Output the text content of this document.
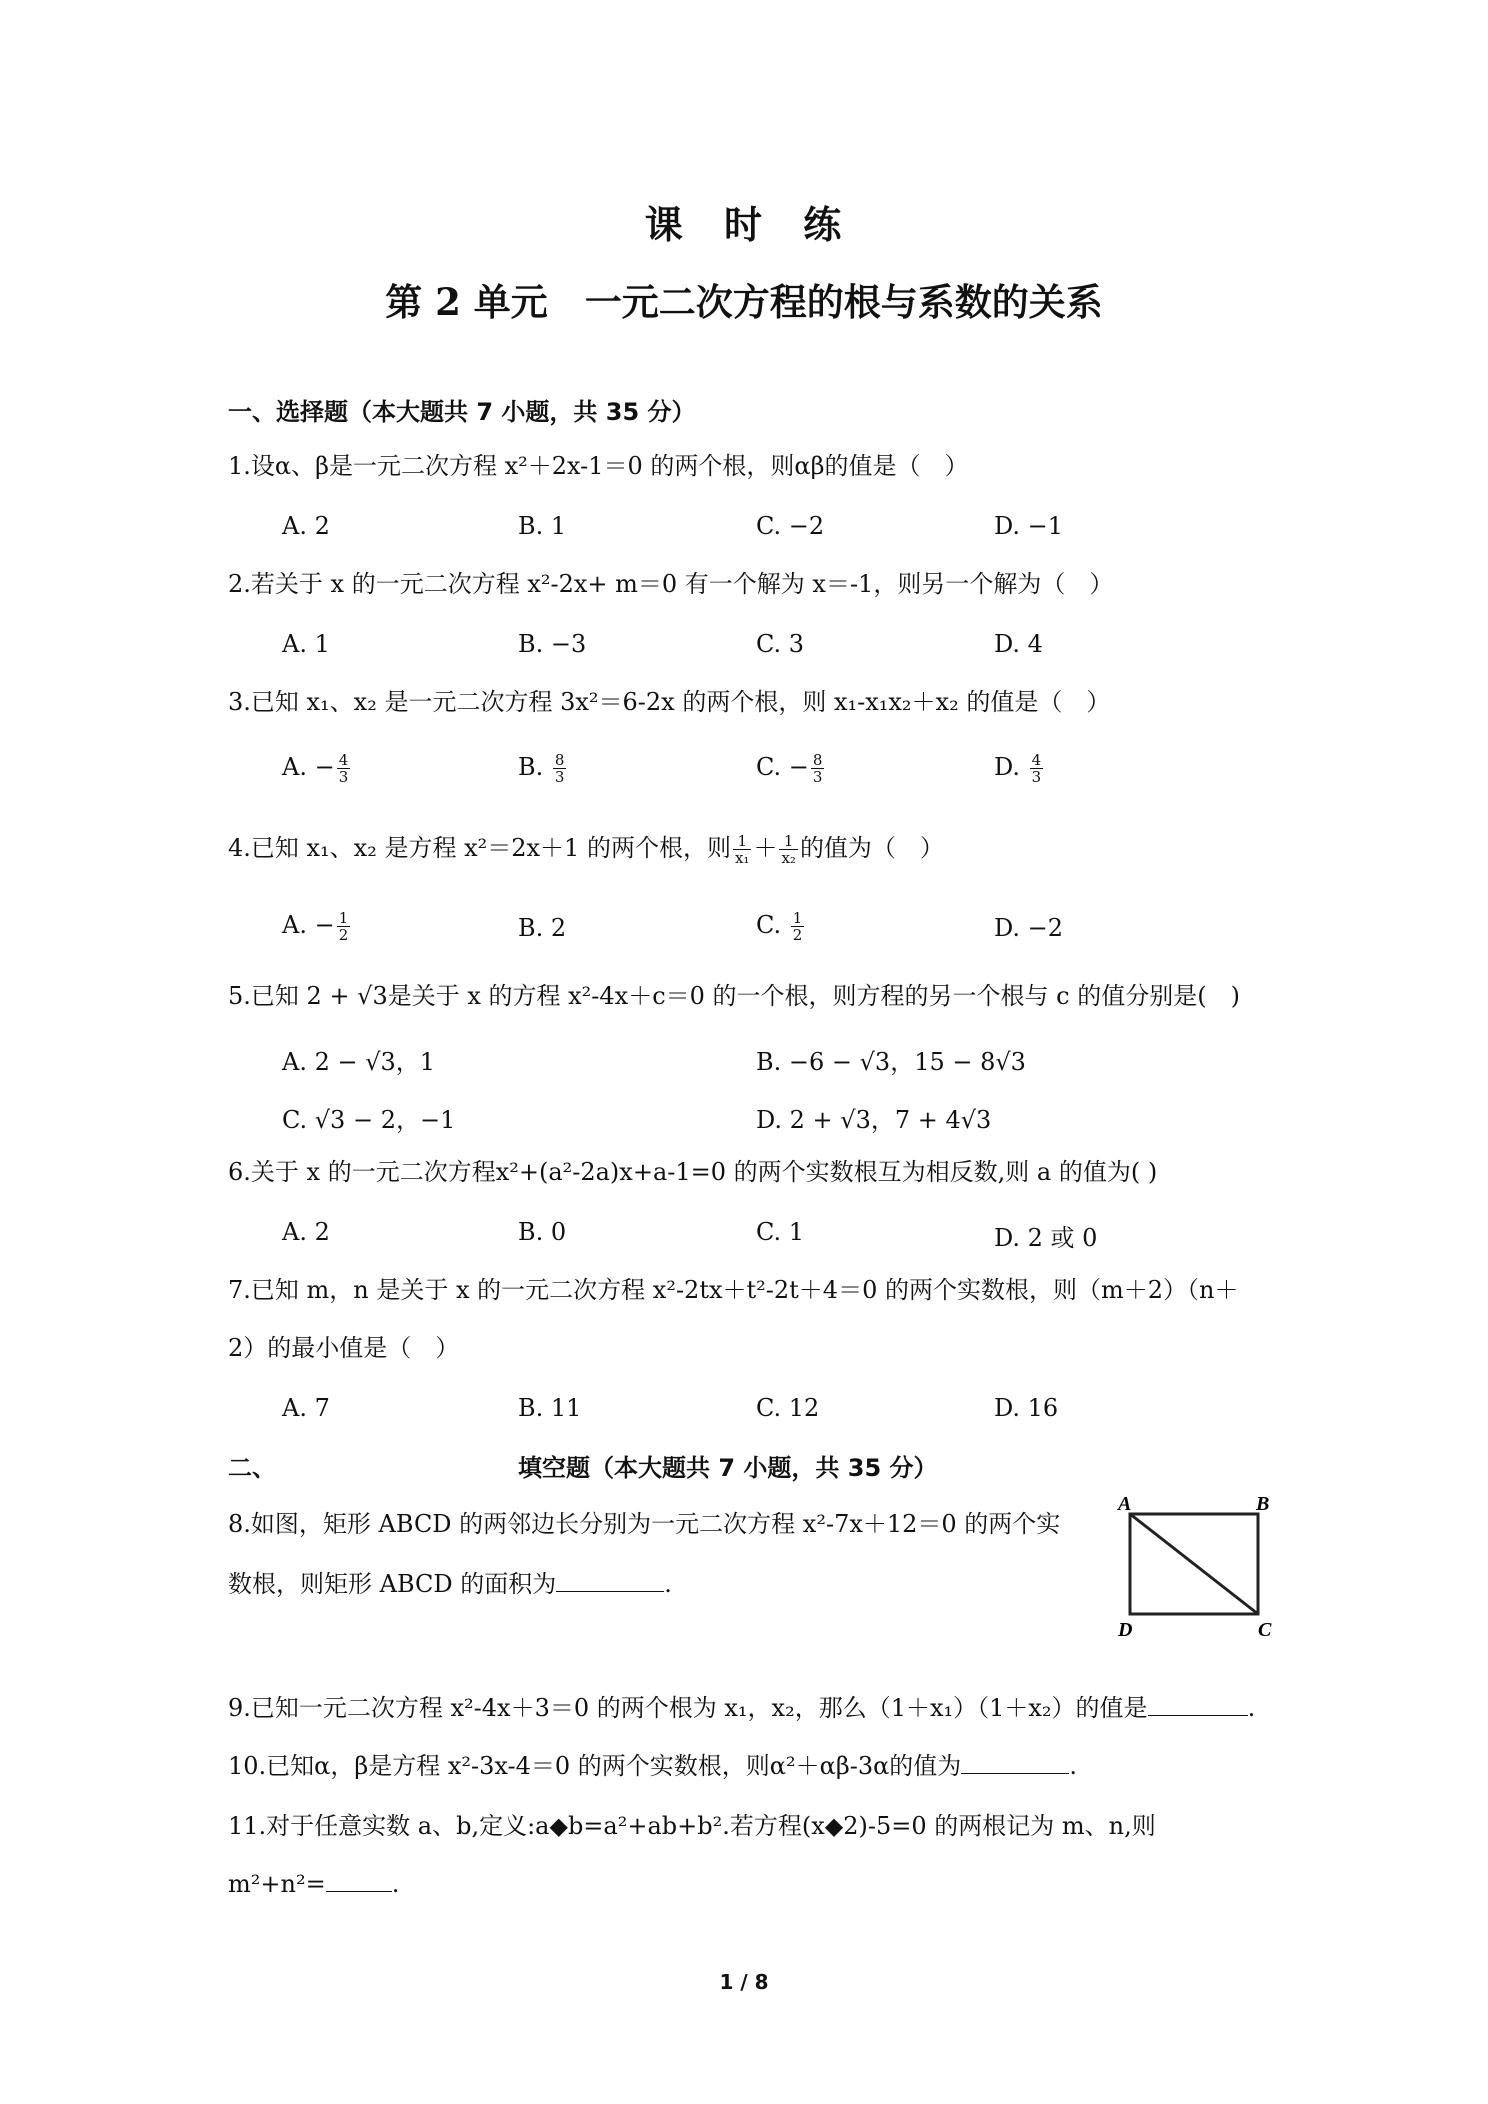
课 时 练
第 2 单元　一元二次方程的根与系数的关系
一、选择题（本大题共 7 小题，共 35 分）
1.设α、β是一元二次方程 x²＋2x-1＝0 的两个根，则αβ的值是（　）
A. 2	B. 1	C. −2	D. −1
2.若关于 x 的一元二次方程 x²-2x+ m＝0 有一个解为 x＝-1，则另一个解为（　）
A. 1	B. −3	C. 3	D. 4
3.已知 x₁、x₂ 是一元二次方程 3x²＝6-2x 的两个根，则 x₁-x₁x₂＋x₂ 的值是（　）
A. − $\frac{4}{3}$	B. $\frac{8}{3}$	C. − $\frac{8}{3}$	D. $\frac{4}{3}$
4.已知 x₁、x₂ 是方程 x²＝2x＋1 的两个根，则 $\frac{1}{\text{x₁}} + \frac{1}{\text{x₂}}$ 的值为（　）
A. − $\frac{1}{2}$	B. 2	C. $\frac{1}{2}$	D. −2
5.已知 2 + √3是关于 x 的方程 x²-4x＋c＝0 的一个根，则方程的另一个根与 c 的值分别是(　)
A. 2 − √3，1	B. −6 − √3，15 − 8√3
C. √3 − 2，−1	D. 2 + √3，7 + 4√3
6.关于 x 的一元二次方程x²+(a²-2a)x+a-1=0 的两个实数根互为相反数,则 a 的值为( )
A. 2	B. 0	C. 1	D. 2 或 0
7.已知 m，n 是关于 x 的一元二次方程 x²-2tx＋t²-2t＋4＝0 的两个实数根，则（m＋2）（n＋
2）的最小值是（　）
A. 7	B. 11	C. 12	D. 16
二、	填空题（本大题共 7 小题，共 35 分）
8.如图，矩形 ABCD 的两邻边长分别为一元二次方程 x²-7x＋12＝0 的两个实
数根，则矩形 ABCD 的面积为	.
A	B
C
D
9.已知一元二次方程 x²-4x＋3＝0 的两个根为 x₁，x₂，那么（1＋x₁）（1＋x₂）的值是	.
10.已知α，β是方程 x²-3x-4＝0 的两个实数根，则α²＋αβ-3α的值为	.
11.对于任意实数 a、b,定义:a◆b=a²+ab+b².若方程(x◆2)-5=0 的两根记为 m、n,则
m²+n²=	.
1 / 8
